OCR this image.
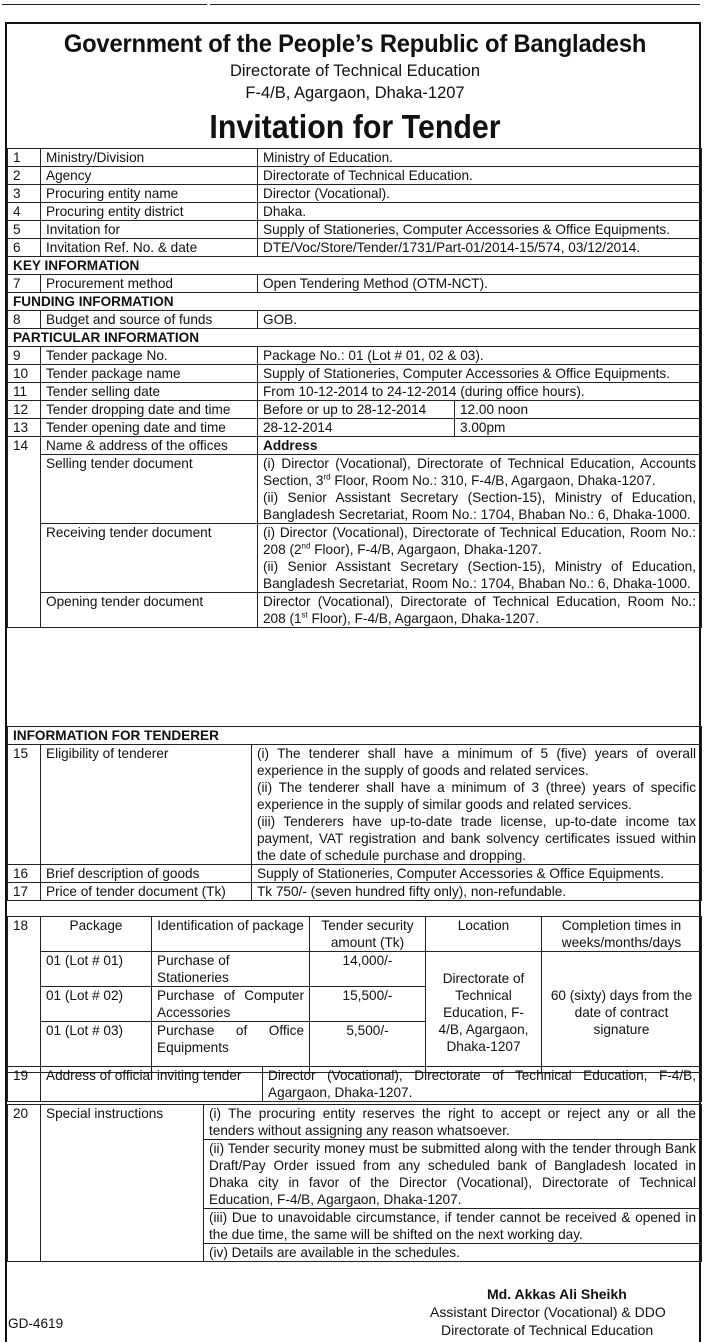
Government of the People’s Republic of Bangladesh
Directorate of Technical Education
F-4/B, Agargaon, Dhaka-1207
Invitation for Tender
1	Ministry/Division	Ministry of Education.	
2	Agency	Directorate of Technical Education.	
3	Procuring entity name	Director (Vocational).	
4	Procuring entity district	Dhaka.	
5	Invitation for	Supply of Stationeries, Computer Accessories & Office Equipments.	
6	Invitation Ref. No. & date	DTE/Voc/Store/Tender/1731/Part-01/2014-15/574, 03/12/2014.	
KEY INFORMATION			
7	Procurement method	Open Tendering Method (OTM-NCT).	
FUNDING INFORMATION			
8	Budget and source of funds	GOB.	
PARTICULAR INFORMATION			
9	Tender package No.	Package No.: 01 (Lot # 01, 02 & 03).	
10	Tender package name	Supply of Stationeries, Computer Accessories & Office Equipments.	
11	Tender selling date	From 10-12-2014 to 24-12-2014 (during office hours).	
12	Tender dropping date and time	Before or up to 28-12-2014	12.00 noon
13	Tender opening date and time	28-12-2014	3.00pm
14	Name & address of the offices	Address	
	Selling tender document	(i) Director (Vocational), Directorate of Technical Education, Accounts Section, 3rd Floor, Room No.: 310, F-4/B, Agargaon, Dhaka-1207.
(ii) Senior Assistant Secretary (Section-15), Ministry of Education, Bangladesh Secretariat, Room No.: 1704, Bhaban No.: 6, Dhaka-1000.	
	Receiving tender document	(i) Director (Vocational), Directorate of Technical Education, Room No.: 208 (2nd Floor), F-4/B, Agargaon, Dhaka-1207.
(ii) Senior Assistant Secretary (Section-15), Ministry of Education, Bangladesh Secretariat, Room No.: 1704, Bhaban No.: 6, Dhaka-1000.	
	Opening tender document	Director (Vocational), Directorate of Technical Education, Room No.: 208 (1st Floor), F-4/B, Agargaon, Dhaka-1207.	
INFORMATION FOR TENDERER		
15	Eligibility of tenderer	(i) The tenderer shall have a minimum of 5 (five) years of overall experience in the supply of goods and related services.
(ii) The tenderer shall have a minimum of 3 (three) years of specific experience in the supply of similar goods and related services.
(iii) Tenderers have up-to-date trade license, up-to-date income tax payment, VAT registration and bank solvency certificates issued within the date of schedule purchase and dropping.

16	Brief description of goods	Supply of Stationeries, Computer Accessories & Office Equipments.
17	Price of tender document (Tk)	Tk 750/- (seven hundred fifty only), non-refundable.
18	Package	Identification of package	Tender security amount (Tk)	Location	Completion times in weeks/months/days
	01 (Lot # 01)	Purchase of Stationeries	14,000/-	Directorate of Technical Education, F-4/B, Agargaon, Dhaka-1207	60 (sixty) days from the date of contract signature
	01 (Lot # 02)	Purchase of Computer Accessories	15,500/-		
	01 (Lot # 03)	Purchase of Office Equipments	5,500/-		
19	Address of official inviting tender	Director (Vocational), Directorate of Technical Education, F-4/B, Agargaon, Dhaka-1207.
20	Special instructions	(i) The procuring entity reserves the right to accept or reject any or all the tenders without assigning any reason whatsoever.
(ii) Tender security money must be submitted along with the tender through Bank Draft/Pay Order issued from any scheduled bank of Bangladesh located in Dhaka city in favor of the Director (Vocational), Directorate of Technical Education, F-4/B, Agargaon, Dhaka-1207.
(iii) Due to unavoidable circumstance, if tender cannot be received & opened in the due time, the same will be shifted on the next working day.
(iv) Details are available in the schedules.
Md. Akkas Ali Sheikh
Assistant Director (Vocational) & DDO
Directorate of Technical Education
GD-4619
